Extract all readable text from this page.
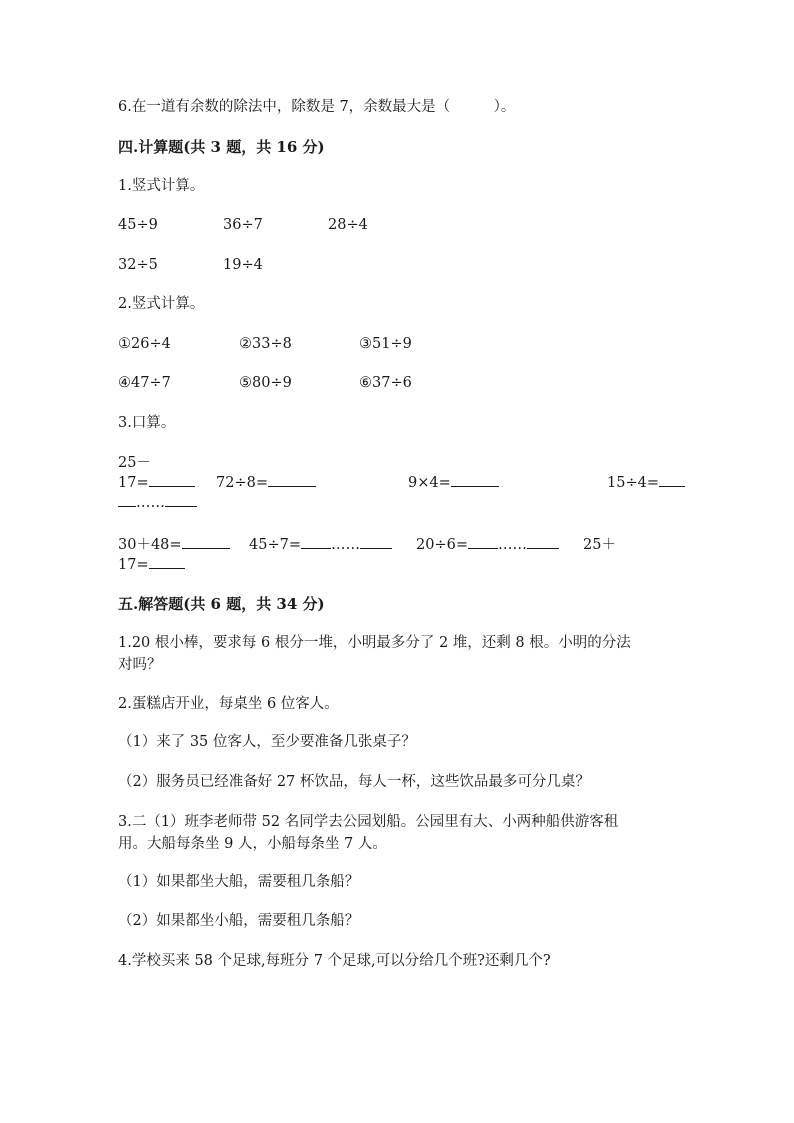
6.在一道有余数的除法中，除数是 7，余数最大是（　　　）。
四.计算题(共 3 题，共 16 分)
1.竖式计算。
45÷9	36÷7	28÷4
32÷5	19÷4
2.竖式计算。
①26÷4	②33÷8	③51÷9
④47÷7	⑤80÷9	⑥37÷6
3.口算。
25－
17=	72÷8=	9×4=	15÷4=
……
30＋48=	45÷7= ……	20÷6= ……	25＋
17=
五.解答题(共 6 题，共 34 分)
1.20 根小棒，要求每 6 根分一堆，小明最多分了 2 堆，还剩 8 根。小明的分法
对吗？
2.蛋糕店开业，每桌坐 6 位客人。
（1）来了 35 位客人，至少要准备几张桌子？
（2）服务员已经准备好 27 杯饮品，每人一杯，这些饮品最多可分几桌？
3.二（1）班李老师带 52 名同学去公园划船。公园里有大、小两种船供游客租
用。大船每条坐 9 人，小船每条坐 7 人。
（1）如果都坐大船，需要租几条船？
（2）如果都坐小船，需要租几条船？
4.学校买来 58 个足球,每班分 7 个足球,可以分给几个班?还剩几个?
